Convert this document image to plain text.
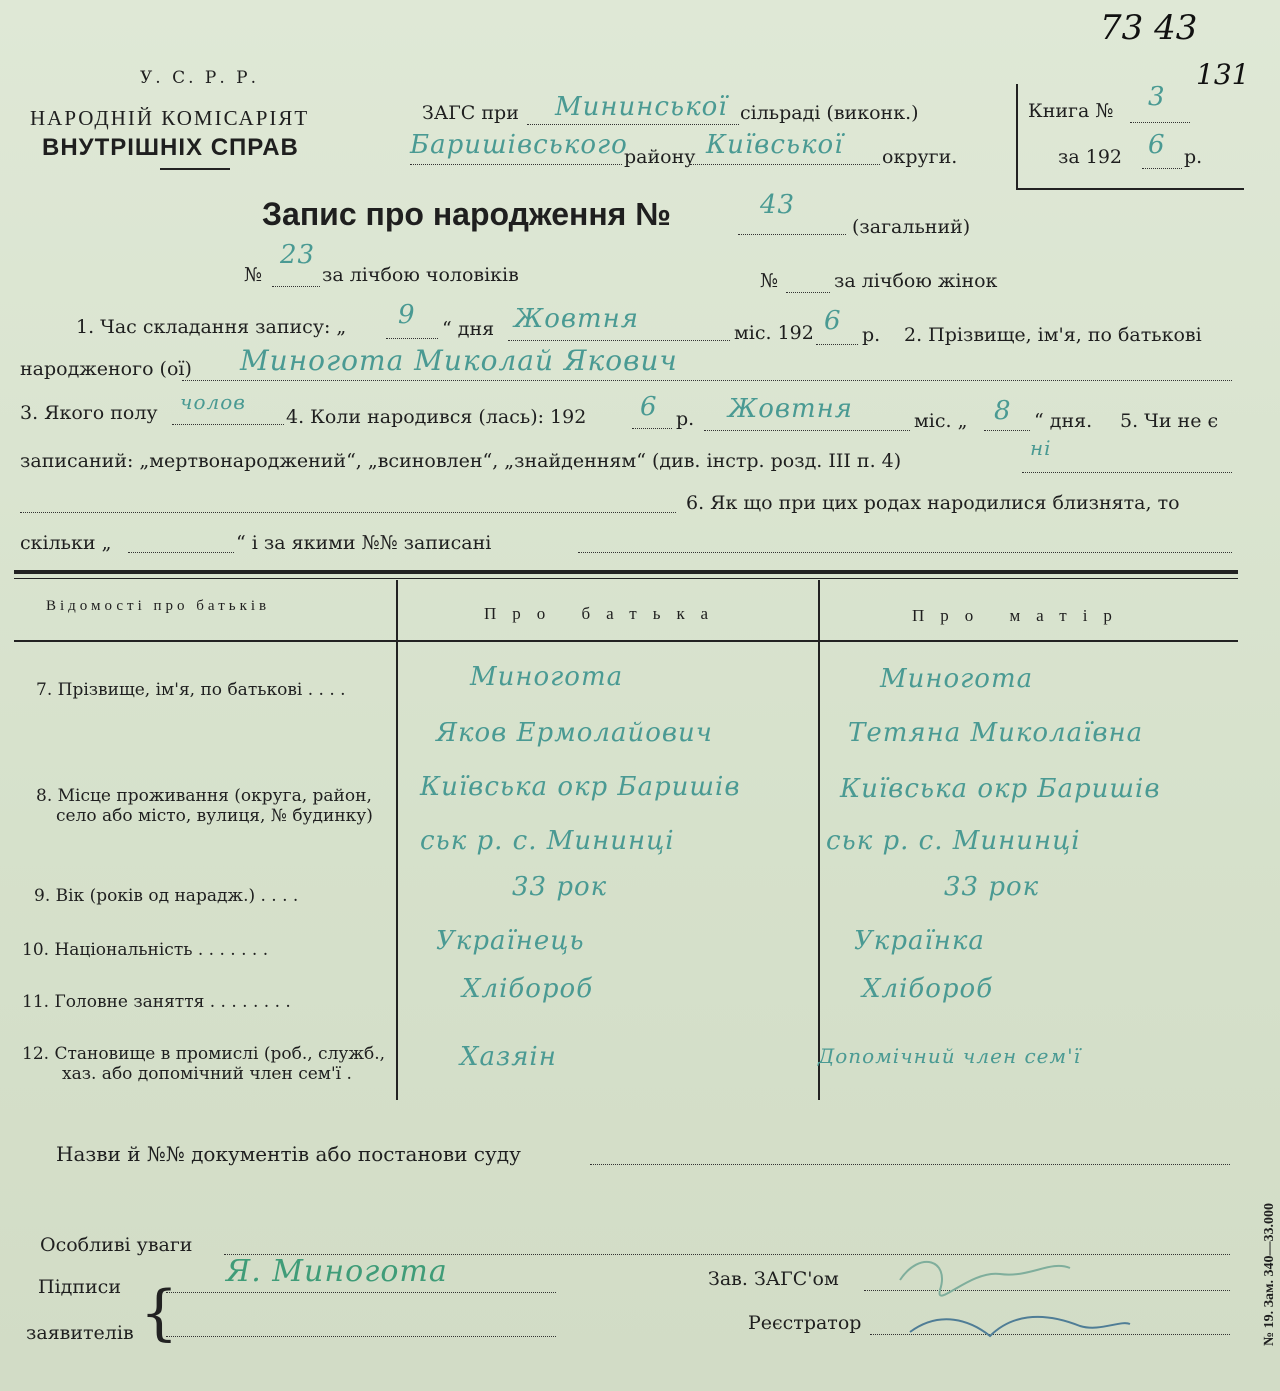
У. С. Р. Р.
НАРОДНІЙ КОМІСАРІЯТ
ВНУТРІШНІХ СПРАВ
ЗАГС при Мининської сільраді (виконк.)
Баришівського
району Київської округи.
Книга № 3
за 192 6 р.
73 43
131
Запис про народження №	43
(загальний)
№
23
за лічбою чоловіків	№	за лічбою жінок
1. Час складання запису: „ 9 “ дня Жовтня	міс. 192 6 р. 2. Прізвище, ім'я, по батькові
народженого (ої) Миногота Миколай Якович
3. Якого полу чолов
4. Коли народився (лась): 192 6 р. Жовтня	міс. „ 8 “ дня. 5. Чи не є
записаний: „мертвонароджений“, „всиновлен“, „знайденням“ (див. інстр. розд. III п. 4)
ні
6. Як що при цих родах народилися близнята, то
скільки „	“ і за якими №№ записані
Відомості про батьків	Про батька	Про матір
7. Прізвище, ім'я, по батькові . . . .	Миногота	Миногота
Яков Ермолайович	Тетяна Миколаївна
8. Місце проживання (округа, район,
село або місто, вулиця, № будинку)
Київська окр Баришів	Київська окр Баришів
ськ р. с. Мининці	ськ р. с. Мининці
9. Вік (років од нарадж.) . . . .	33 рок	33 рок
10. Національність . . . . . . .	Українець	Українка
11. Головне заняття . . . . . . . .	Хлібороб	Хлібороб
12. Становище в промислі (роб., служб.,
хаз. або допомічний член сем'ї .
Хазяін	Допомічний член сем'ї
Назви й №№ документів або постанови суду
Особливі уваги
Підписи
заявителів {
Я. Миногота	Зав. ЗАГС'ом
Реєстратор	№ 19. Зам. 340—33.000
